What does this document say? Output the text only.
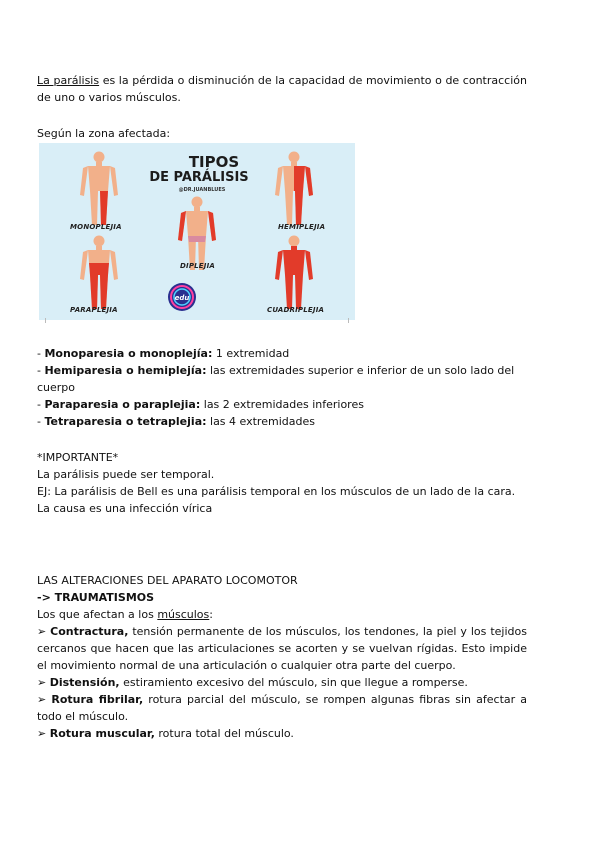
La parálisis es la pérdida o disminución de la capacidad de movimiento o de contracción de uno o varios músculos.
Según la zona afectada:
TIPOS
DE PARÁLISIS
@DR.JUANBLUES
edu
MONOPLEJIA	HEMIPLEJIA
DIPLEJIA
PARAPLEJIA	CUADRIPLEJIA
- Monoparesia o monoplejía: 1 extremidad
- Hemiparesia o hemiplejía: las extremidades superior e inferior de un solo lado del cuerpo
- Paraparesia o paraplejia: las 2 extremidades inferiores
- Tetraparesia o tetraplejia: las 4 extremidades
*IMPORTANTE*
La parálisis puede ser temporal.
EJ: La parálisis de Bell es una parálisis temporal en los músculos de un lado de la cara. La causa es una infección vírica
LAS ALTERACIONES DEL APARATO LOCOMOTOR
-> TRAUMATISMOS
Los que afectan a los músculos:
➢ Contractura, tensión permanente de los músculos, los tendones, la piel y los tejidos cercanos que hacen que las articulaciones se acorten y se vuelvan rígidas. Esto impide el movimiento normal de una articulación o cualquier otra parte del cuerpo.
➢ Distensión, estiramiento excesivo del músculo, sin que llegue a romperse.
➢ Rotura fibrilar, rotura parcial del músculo, se rompen algunas fibras sin afectar a todo el músculo.
➢ Rotura muscular, rotura total del músculo.
